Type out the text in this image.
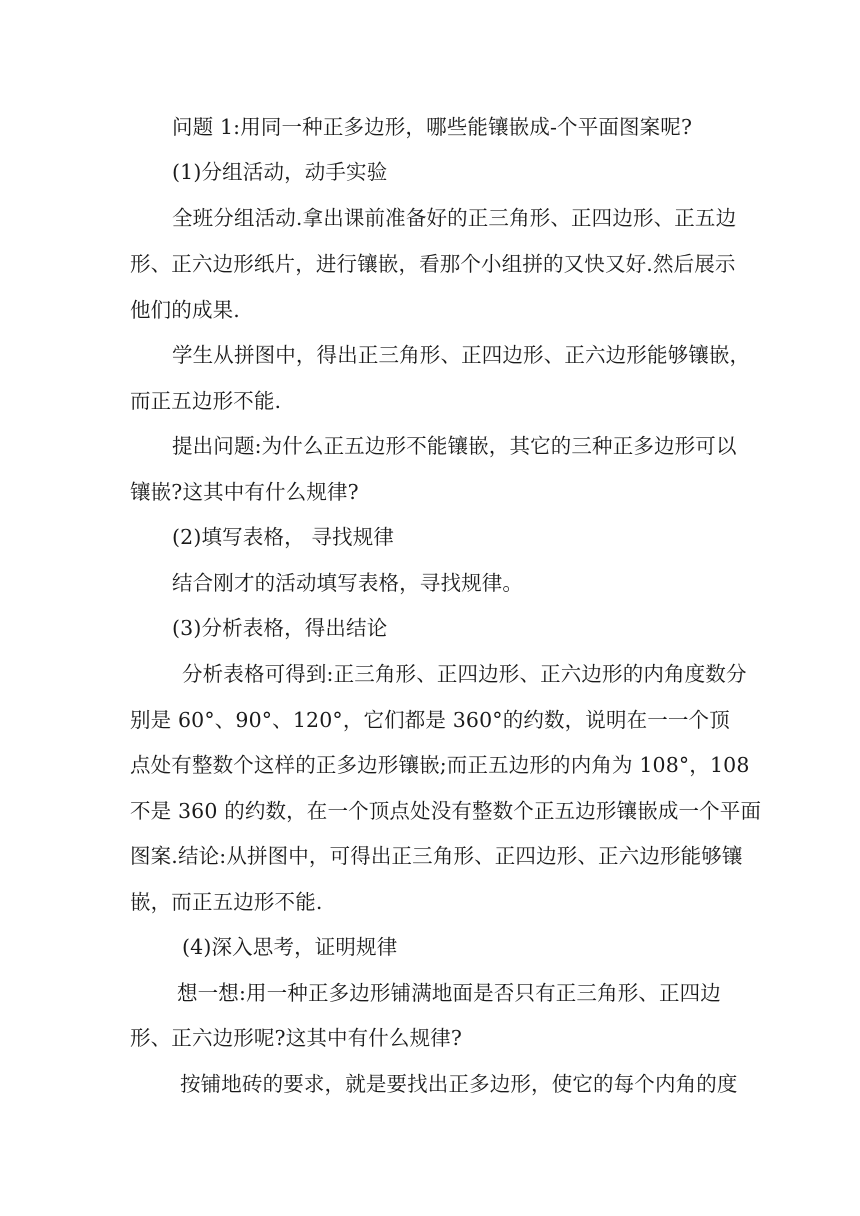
问题 1:用同一种正多边形，哪些能镶嵌成-个平面图案呢?
(1)分组活动，动手实验
全班分组活动.拿出课前准备好的正三角形、正四边形、正五边
形、正六边形纸片，进行镶嵌，看那个小组拼的又快又好.然后展示
他们的成果.
学生从拼图中，得出正三角形、正四边形、正六边形能够镶嵌，
而正五边形不能.
提出问题:为什么正五边形不能镶嵌，其它的三种正多边形可以
镶嵌?这其中有什么规律?
(2)填写表格， 寻找规律
结合刚才的活动填写表格，寻找规律。
(3)分析表格，得出结论
分析表格可得到:正三角形、正四边形、正六边形的内角度数分
别是 60°、90°、120°，它们都是 360°的约数，说明在一一个顶
点处有整数个这样的正多边形镶嵌;而正五边形的内角为 108°，108
不是 360 的约数，在一个顶点处没有整数个正五边形镶嵌成一个平面
图案.结论:从拼图中，可得出正三角形、正四边形、正六边形能够镶
嵌，而正五边形不能.
(4)深入思考，证明规律
想一想:用一种正多边形铺满地面是否只有正三角形、正四边
形、正六边形呢?这其中有什么规律?
按铺地砖的要求，就是要找出正多边形，使它的每个内角的度
